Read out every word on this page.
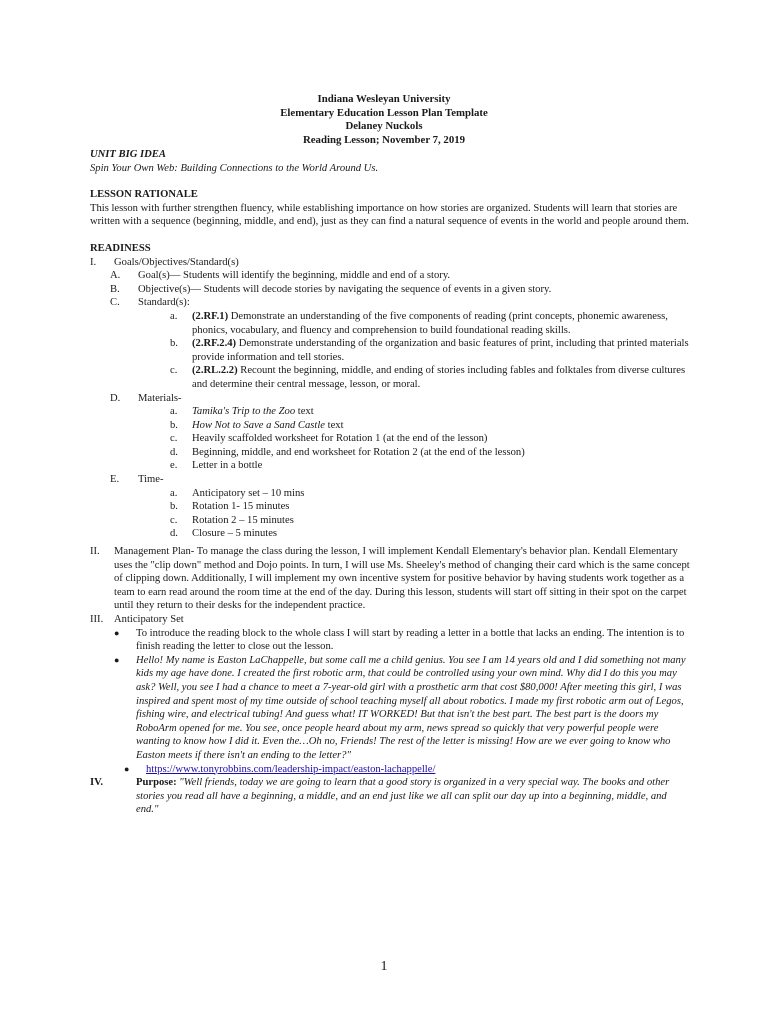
Indiana Wesleyan University
Elementary Education Lesson Plan Template
Delaney Nuckols
Reading Lesson; November 7, 2019

UNIT BIG IDEA

Spin Your Own Web: Building Connections to the World Around Us.

LESSON RATIONALE

This lesson with further strengthen fluency, while establishing importance on how stories are organized. Students will learn that stories are written with a sequence (beginning, middle, and end), just as they can find a natural sequence of events in the world and people around them.

READINESS

I.	Goals/Objectives/Standard(s)

A. Goal(s)— Students will identify the beginning, middle and end of a story.
B. Objective(s)— Students will decode stories by navigating the sequence of events in a given story.
C. Standard(s):
a. (2.RF.1) Demonstrate an understanding of the five components of reading (print concepts, phonemic awareness, phonics, vocabulary, and fluency and comprehension to build foundational reading skills.
b. (2.RF.2.4) Demonstrate understanding of the organization and basic features of print, including that printed materials provide information and tell stories.
c. (2.RL.2.2) Recount the beginning, middle, and ending of stories including fables and folktales from diverse cultures and determine their central message, lesson, or moral.
D. Materials-
a. Tamika's Trip to the Zoo text
b. How Not to Save a Sand Castle text
c. Heavily scaffolded worksheet for Rotation 1 (at the end of the lesson)
d. Beginning, middle, and end worksheet for Rotation 2 (at the end of the lesson)
e. Letter in a bottle
E. Time-
a. Anticipatory set – 10 mins
b. Rotation 1- 15 minutes
c. Rotation 2 – 15 minutes
d. Closure – 5 minutes
II.	Management Plan- To manage the class during the lesson, I will implement Kendall Elementary's behavior plan. Kendall Elementary uses the "clip down" method and Dojo points. In turn, I will use Ms. Sheeley's method of changing their card which is the same concept of clipping down. Additionally, I will implement my own incentive system for positive behavior by having students work together as a team to earn read around the room time at the end of the day. During this lesson, students will start off sitting in their spot on the carpet until they return to their desks for the independent practice.

III.	Anticipatory Set

● To introduce the reading block to the whole class I will start by reading a letter in a bottle that lacks an ending. The intention is to finish reading the letter to close out the lesson.
● Hello! My name is Easton LaChappelle, but some call me a child genius. You see I am 14 years old and I did something not many kids my age have done. I created the first robotic arm, that could be controlled using your own mind. Why did I do this you may ask? Well, you see I had a chance to meet a 7-year-old girl with a prosthetic arm that cost $80,000! After meeting this girl, I was inspired and spent most of my time outside of school teaching myself all about robotics. I made my first robotic arm out of Legos, fishing wire, and electrical tubing! And guess what! IT WORKED! But that isn't the best part. The best part is the doors my RoboArm opened for me. You see, once people heard about my arm, news spread so quickly that very powerful people were wanting to know how I did it. Even the…Oh no, Friends! The rest of the letter is missing! How are we ever going to know who Easton meets if there isn't an ending to the letter?"
● https://www.tonyrobbins.com/leadership-impact/easton-lachappelle/
IV.	Purpose: "Well friends, today we are going to learn that a good story is organized in a very special way. The books and other stories you read all have a beginning, a middle, and an end just like we all can split our day up into a beginning, middle, and end."

1
